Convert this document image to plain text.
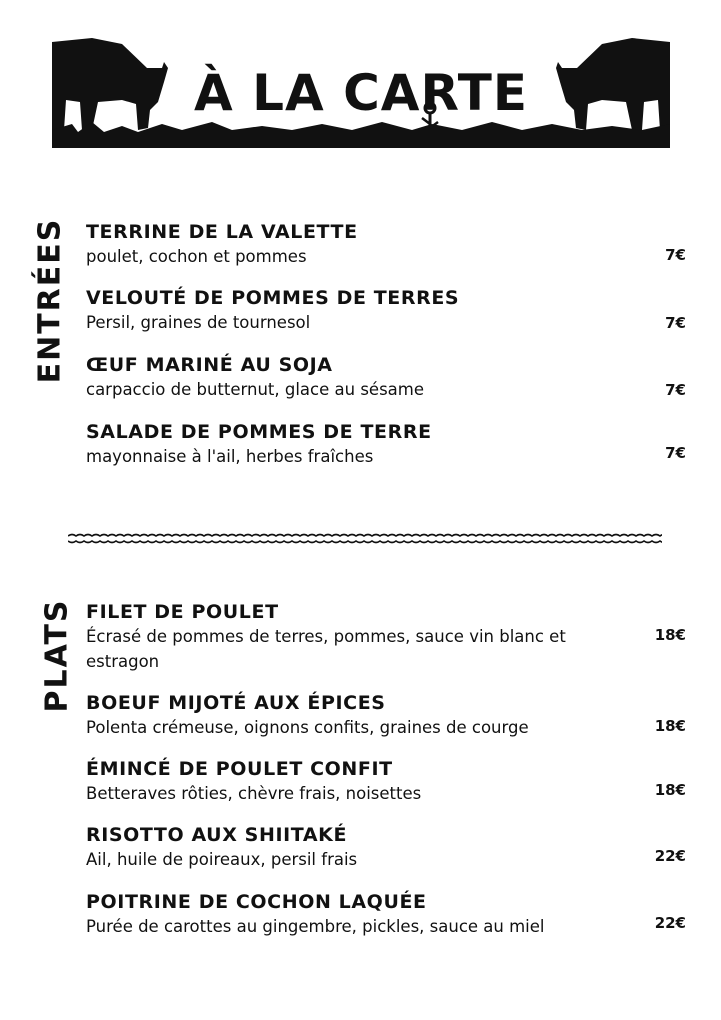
À LA CARTE
ENTRÉES TERRINE DE LA VALETTE
poulet, cochon et pommes	7€
VELOUTÉ DE POMMES DE TERRES
Persil, graines de tournesol	7€
ŒUF MARINÉ AU SOJA
carpaccio de butternut, glace au sésame	7€
SALADE DE POMMES DE TERRE
mayonnaise à l'ail, herbes fraîches	7€
PLATS FILET DE POULET
Écrasé de pommes de terres, pommes, sauce vin blanc et estragon
18€
BOEUF MIJOTÉ AUX ÉPICES
Polenta crémeuse, oignons confits, graines de courge	18€
ÉMINCÉ DE POULET CONFIT
Betteraves rôties, chèvre frais, noisettes	18€
RISOTTO AUX SHIITAKÉ
Ail, huile de poireaux, persil frais	22€
POITRINE DE COCHON LAQUÉE
Purée de carottes au gingembre, pickles, sauce au miel	22€
